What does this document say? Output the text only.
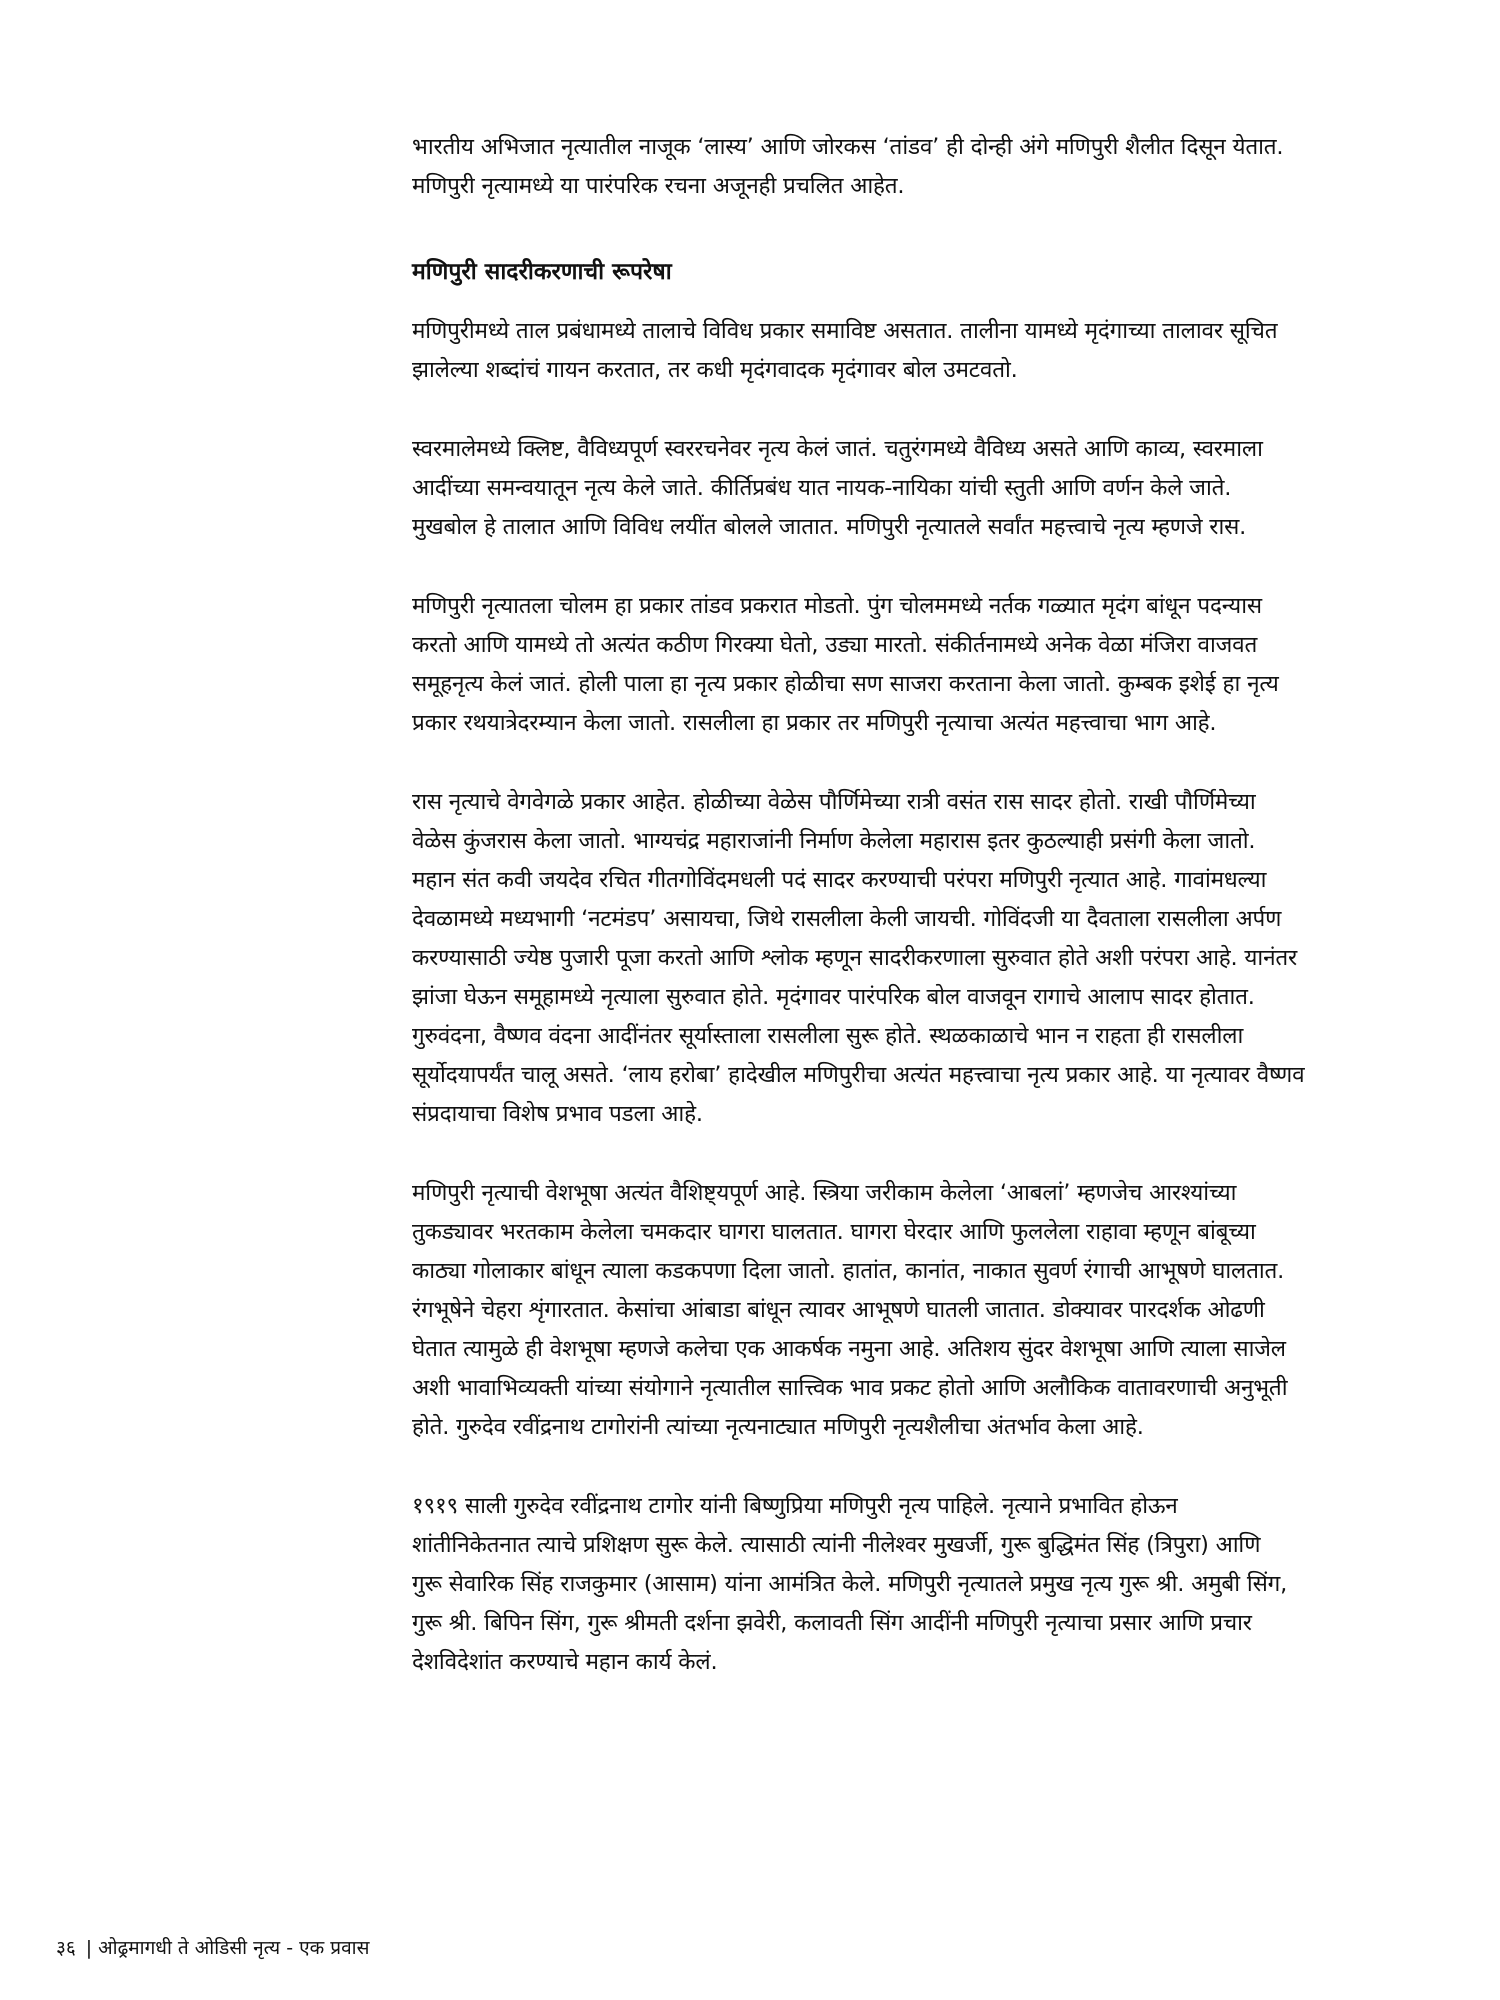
भारतीय अभिजात नृत्यातील नाजूक ‘लास्य’ आणि जोरकस ‘तांडव’ ही दोन्ही अंगे मणिपुरी शैलीत दिसून येतात.
मणिपुरी नृत्यामध्ये या पारंपरिक रचना अजूनही प्रचलित आहेत.

मणिपुरी सादरीकरणाची रूपरेषा

मणिपुरीमध्ये ताल प्रबंधामध्ये तालाचे विविध प्रकार समाविष्ट असतात. तालीना यामध्ये मृदंगाच्या तालावर सूचित
झालेल्या शब्दांचं गायन करतात, तर कधी मृदंगवादक मृदंगावर बोल उमटवतो.

स्वरमालेमध्ये क्लिष्ट, वैविध्यपूर्ण स्वररचनेवर नृत्य केलं जातं. चतुरंगमध्ये वैविध्य असते आणि काव्य, स्वरमाला
आदींच्या समन्वयातून नृत्य केले जाते. कीर्तिप्रबंध यात नायक-नायिका यांची स्तुती आणि वर्णन केले जाते.
मुखबोल हे तालात आणि विविध लयींत बोलले जातात. मणिपुरी नृत्यातले सर्वांत महत्त्वाचे नृत्य म्हणजे रास.

मणिपुरी नृत्यातला चोलम हा प्रकार तांडव प्रकरात मोडतो. पुंग चोलममध्ये नर्तक गळ्यात मृदंग बांधून पदन्यास
करतो आणि यामध्ये तो अत्यंत कठीण गिरक्या घेतो, उड्या मारतो. संकीर्तनामध्ये अनेक वेळा मंजिरा वाजवत
समूहनृत्य केलं जातं. होली पाला हा नृत्य प्रकार होळीचा सण साजरा करताना केला जातो. कुम्बक इशेई हा नृत्य
प्रकार रथयात्रेदरम्यान केला जातो. रासलीला हा प्रकार तर मणिपुरी नृत्याचा अत्यंत महत्त्वाचा भाग आहे.

रास नृत्याचे वेगवेगळे प्रकार आहेत. होळीच्या वेळेस पौर्णिमेच्या रात्री वसंत रास सादर होतो. राखी पौर्णिमेच्या
वेळेस कुंजरास केला जातो. भाग्यचंद्र महाराजांनी निर्माण केलेला महारास इतर कुठल्याही प्रसंगी केला जातो.
महान संत कवी जयदेव रचित गीतगोविंदमधली पदं सादर करण्याची परंपरा मणिपुरी नृत्यात आहे. गावांमधल्या
देवळामध्ये मध्यभागी ‘नटमंडप’ असायचा, जिथे रासलीला केली जायची. गोविंदजी या दैवताला रासलीला अर्पण
करण्यासाठी ज्येष्ठ पुजारी पूजा करतो आणि श्लोक म्हणून सादरीकरणाला सुरुवात होते अशी परंपरा आहे. यानंतर
झांजा घेऊन समूहामध्ये नृत्याला सुरुवात होते. मृदंगावर पारंपरिक बोल वाजवून रागाचे आलाप सादर होतात.
गुरुवंदना, वैष्णव वंदना आदींनंतर सूर्यास्ताला रासलीला सुरू होते. स्थळकाळाचे भान न राहता ही रासलीला
सूर्योदयापर्यंत चालू असते. ‘लाय हरोबा’ हादेखील मणिपुरीचा अत्यंत महत्त्वाचा नृत्य प्रकार आहे. या नृत्यावर वैष्णव
संप्रदायाचा विशेष प्रभाव पडला आहे.

मणिपुरी नृत्याची वेशभूषा अत्यंत वैशिष्ट्यपूर्ण आहे. स्त्रिया जरीकाम केलेला ‘आबलां’ म्हणजेच आरश्यांच्या
तुकड्यावर भरतकाम केलेला चमकदार घागरा घालतात. घागरा घेरदार आणि फुललेला राहावा म्हणून बांबूच्या
काठ्या गोलाकार बांधून त्याला कडकपणा दिला जातो. हातांत, कानांत, नाकात सुवर्ण रंगाची आभूषणे घालतात.
रंगभूषेने चेहरा शृंगारतात. केसांचा आंबाडा बांधून त्यावर आभूषणे घातली जातात. डोक्यावर पारदर्शक ओढणी
घेतात त्यामुळे ही वेशभूषा म्हणजे कलेचा एक आकर्षक नमुना आहे. अतिशय सुंदर वेशभूषा आणि त्याला साजेल
अशी भावाभिव्यक्ती यांच्या संयोगाने नृत्यातील सात्त्विक भाव प्रकट होतो आणि अलौकिक वातावरणाची अनुभूती
होते. गुरुदेव रवींद्रनाथ टागोरांनी त्यांच्या नृत्यनाट्यात मणिपुरी नृत्यशैलीचा अंतर्भाव केला आहे.

१९१९ साली गुरुदेव रवींद्रनाथ टागोर यांनी बिष्णुप्रिया मणिपुरी नृत्य पाहिले. नृत्याने प्रभावित होऊन
शांतीनिकेतनात त्याचे प्रशिक्षण सुरू केले. त्यासाठी त्यांनी नीलेश्वर मुखर्जी, गुरू बुद्धिमंत सिंह (त्रिपुरा) आणि
गुरू सेवारिक सिंह राजकुमार (आसाम) यांना आमंत्रित केले. मणिपुरी नृत्यातले प्रमुख नृत्य गुरू श्री. अमुबी सिंग,
गुरू श्री. बिपिन सिंग, गुरू श्रीमती दर्शना झवेरी, कलावती सिंग आदींनी मणिपुरी नृत्याचा प्रसार आणि प्रचार
देशविदेशांत करण्याचे महान कार्य केलं.

३६ | ओढ्रमागधी ते ओडिसी नृत्य - एक प्रवास
